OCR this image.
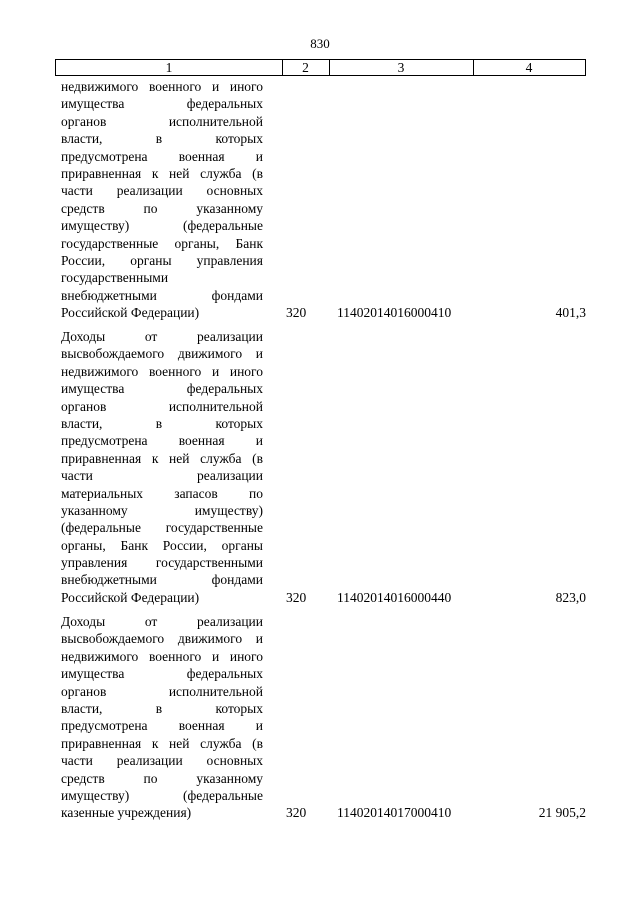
830
1	2	3	4
недвижимого военного и иного
имущества федеральных
органов исполнительной
власти, в которых
предусмотрена военная и
приравненная к ней служба (в
части реализации основных
средств по указанному
имуществу) (федеральные
государственные органы, Банк
России, органы управления
государственными
внебюджетными фондами
Российской Федерации)	320	11402014016000410	401,3
Доходы от реализации
высвобождаемого движимого и
недвижимого военного и иного
имущества федеральных
органов исполнительной
власти, в которых
предусмотрена военная и
приравненная к ней служба (в
части реализации
материальных запасов по
указанному имуществу)
(федеральные государственные
органы, Банк России, органы
управления государственными
внебюджетными фондами
Российской Федерации)	320	11402014016000440	823,0
Доходы от реализации
высвобождаемого движимого и
недвижимого военного и иного
имущества федеральных
органов исполнительной
власти, в которых
предусмотрена военная и
приравненная к ней служба (в
части реализации основных
средств по указанному
имуществу) (федеральные
казенные учреждения)	320	11402014017000410	21 905,2
